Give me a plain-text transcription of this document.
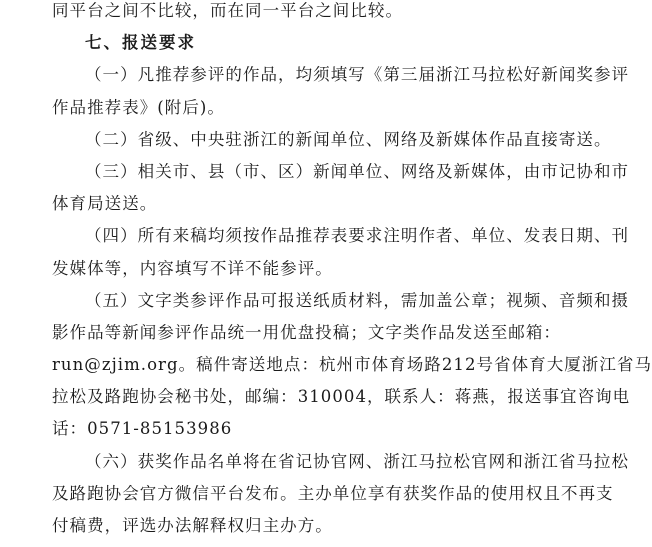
同平台之间不比较，而在同一平台之间比较。
七、报送要求
（一）凡推荐参评的作品，均须填写《第三届浙江马拉松好新闻奖参评
作品推荐表》(附后)。
（二）省级、中央驻浙江的新闻单位、网络及新媒体作品直接寄送。
（三）相关市、县（市、区）新闻单位、网络及新媒体，由市记协和市
体育局送送。
（四）所有来稿均须按作品推荐表要求注明作者、单位、发表日期、刊
发媒体等，内容填写不详不能参评。
（五）文字类参评作品可报送纸质材料，需加盖公章；视频、音频和摄
影作品等新闻参评作品统一用优盘投稿；文字类作品发送至邮箱：
run@zjim.org。稿件寄送地点：杭州市体育场路212号省体育大厦浙江省马
拉松及路跑协会秘书处，邮编：310004，联系人：蒋燕，报送事宜咨询电
话：0571-85153986
（六）获奖作品名单将在省记协官网、浙江马拉松官网和浙江省马拉松
及路跑协会官方微信平台发布。主办单位享有获奖作品的使用权且不再支
付稿费，评选办法解释权归主办方。
